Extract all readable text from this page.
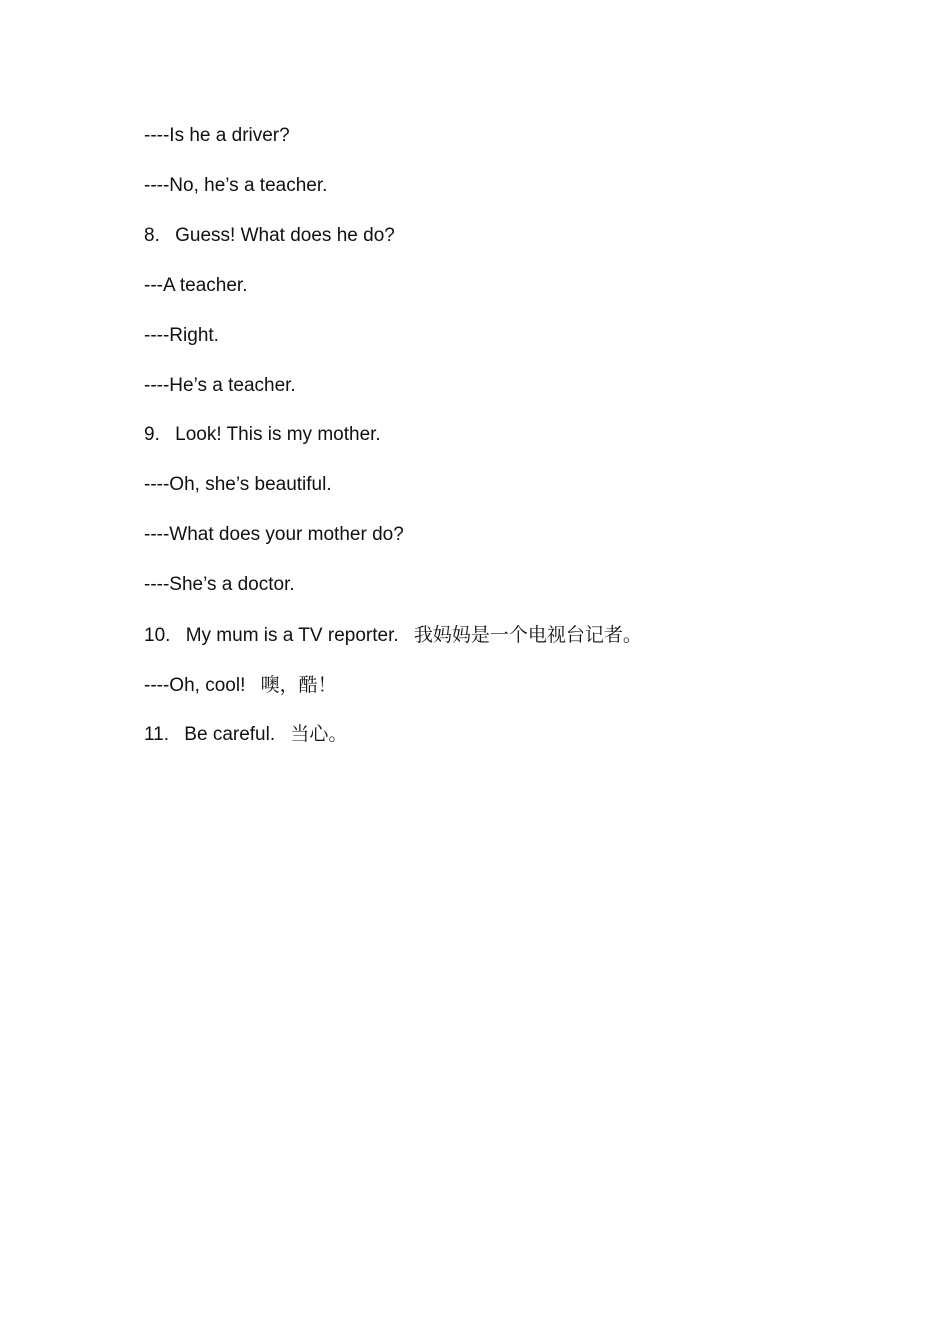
----Is he a driver?
----No, he’s a teacher.
8. Guess! What does he do?
---A teacher.
----Right.
----He’s a teacher.
9. Look! This is my mother.
----Oh, she’s beautiful.
----What does your mother do?
----She’s a doctor.
10. My mum is a TV reporter. 我妈妈是一个电视台记者。
----Oh, cool! 噢，酷！
11. Be careful. 当心。
